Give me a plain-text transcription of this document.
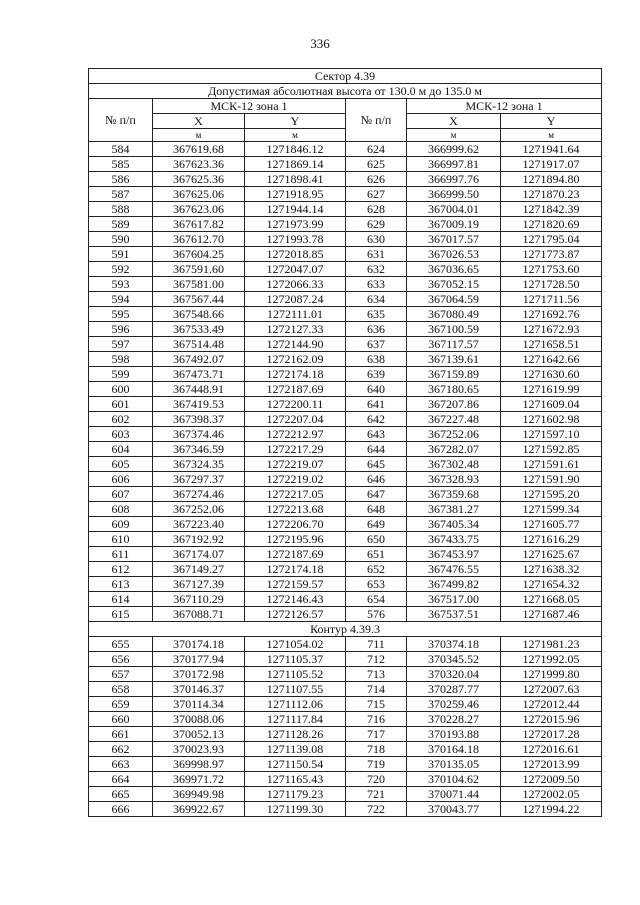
336
Сектор 4.39					
Допустимая абсолютная высота от 130.0 м до 135.0 м					
№ п/п	МСК-12 зона 1		№ п/п	МСК-12 зона 1	
	X	Y		X	Y
	м	м		м	м
584	367619.68	1271846.12	624	366999.62	1271941.64
585	367623.36	1271869.14	625	366997.81	1271917.07
586	367625.36	1271898.41	626	366997.76	1271894.80
587	367625.06	1271918.95	627	366999.50	1271870.23
588	367623.06	1271944.14	628	367004.01	1271842.39
589	367617.82	1271973.99	629	367009.19	1271820.69
590	367612.70	1271993.78	630	367017.57	1271795.04
591	367604.25	1272018.85	631	367026.53	1271773.87
592	367591.60	1272047.07	632	367036.65	1271753.60
593	367581.00	1272066.33	633	367052.15	1271728.50
594	367567.44	1272087.24	634	367064.59	1271711.56
595	367548.66	1272111.01	635	367080.49	1271692.76
596	367533.49	1272127.33	636	367100.59	1271672.93
597	367514.48	1272144.90	637	367117.57	1271658.51
598	367492.07	1272162.09	638	367139.61	1271642.66
599	367473.71	1272174.18	639	367159.89	1271630.60
600	367448.91	1272187.69	640	367180.65	1271619.99
601	367419.53	1272200.11	641	367207.86	1271609.04
602	367398.37	1272207.04	642	367227.48	1271602.98
603	367374.46	1272212.97	643	367252.06	1271597.10
604	367346.59	1272217.29	644	367282.07	1271592.85
605	367324.35	1272219.07	645	367302.48	1271591.61
606	367297.37	1272219.02	646	367328.93	1271591.90
607	367274.46	1272217.05	647	367359.68	1271595.20
608	367252.06	1272213.68	648	367381.27	1271599.34
609	367223.40	1272206.70	649	367405.34	1271605.77
610	367192.92	1272195.96	650	367433.75	1271616.29
611	367174.07	1272187.69	651	367453.97	1271625.67
612	367149.27	1272174.18	652	367476.55	1271638.32
613	367127.39	1272159.57	653	367499.82	1271654.32
614	367110.29	1272146.43	654	367517.00	1271668.05
615	367088.71	1272126.57	576	367537.51	1271687.46
Контур 4.39.3					
655	370174.18	1271054.02	711	370374.18	1271981.23
656	370177.94	1271105.37	712	370345.52	1271992.05
657	370172.98	1271105.52	713	370320.04	1271999.80
658	370146.37	1271107.55	714	370287.77	1272007.63
659	370114.34	1271112.06	715	370259.46	1272012.44
660	370088.06	1271117.84	716	370228.27	1272015.96
661	370052.13	1271128.26	717	370193.88	1272017.28
662	370023.93	1271139.08	718	370164.18	1272016.61
663	369998.97	1271150.54	719	370135.05	1272013.99
664	369971.72	1271165.43	720	370104.62	1272009.50
665	369949.98	1271179.23	721	370071.44	1272002.05
666	369922.67	1271199.30	722	370043.77	1271994.22
